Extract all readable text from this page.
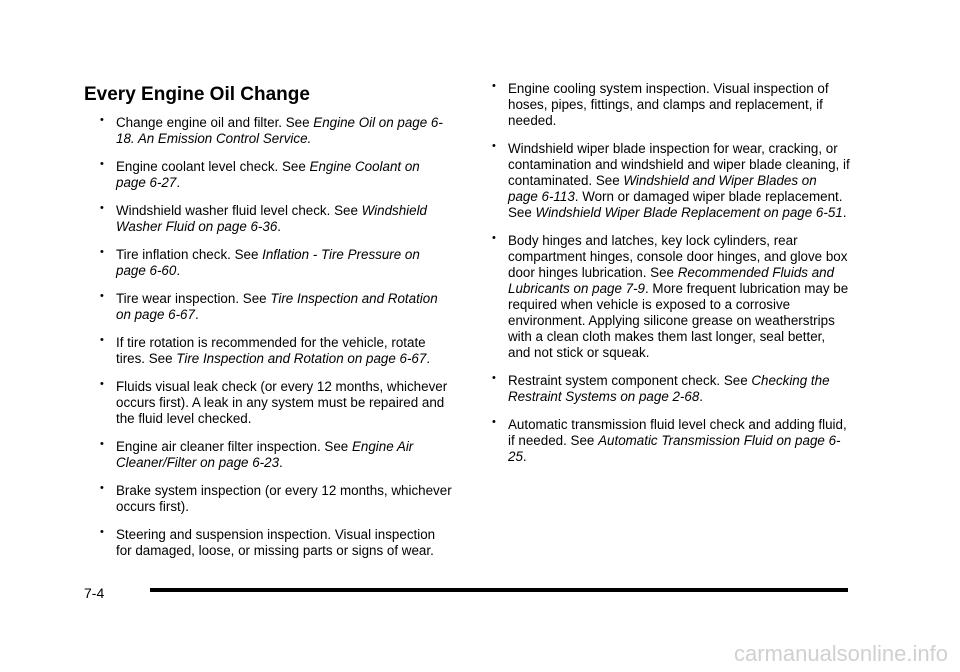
Every Engine Oil Change
• Change engine oil and filter. See Engine Oil on page 6-18. An Emission Control Service.
• Engine coolant level check. See Engine Coolant on page 6-27.
• Windshield washer fluid level check. See Windshield Washer Fluid on page 6-36.
• Tire inflation check. See Inflation - Tire Pressure on page 6-60.
• Tire wear inspection. See Tire Inspection and Rotation on page 6-67.
• If tire rotation is recommended for the vehicle, rotate tires. See Tire Inspection and Rotation on page 6-67.
• Fluids visual leak check (or every 12 months, whichever occurs first). A leak in any system must be repaired and the fluid level checked.
• Engine air cleaner filter inspection. See Engine Air Cleaner/Filter on page 6-23.
• Brake system inspection (or every 12 months, whichever occurs first).
• Steering and suspension inspection. Visual inspection for damaged, loose, or missing parts or signs of wear.
• Engine cooling system inspection. Visual inspection of hoses, pipes, fittings, and clamps and replacement, if needed.
• Windshield wiper blade inspection for wear, cracking, or contamination and windshield and wiper blade cleaning, if contaminated. See Windshield and Wiper Blades on page 6-113. Worn or damaged wiper blade replacement. See Windshield Wiper Blade Replacement on page 6-51.
• Body hinges and latches, key lock cylinders, rear compartment hinges, console door hinges, and glove box door hinges lubrication. See Recommended Fluids and Lubricants on page 7-9. More frequent lubrication may be required when vehicle is exposed to a corrosive environment. Applying silicone grease on weatherstrips with a clean cloth makes them last longer, seal better, and not stick or squeak.
• Restraint system component check. See Checking the Restraint Systems on page 2-68.
• Automatic transmission fluid level check and adding fluid, if needed. See Automatic Transmission Fluid on page 6-25.
7-4
carmanualsonline.info
